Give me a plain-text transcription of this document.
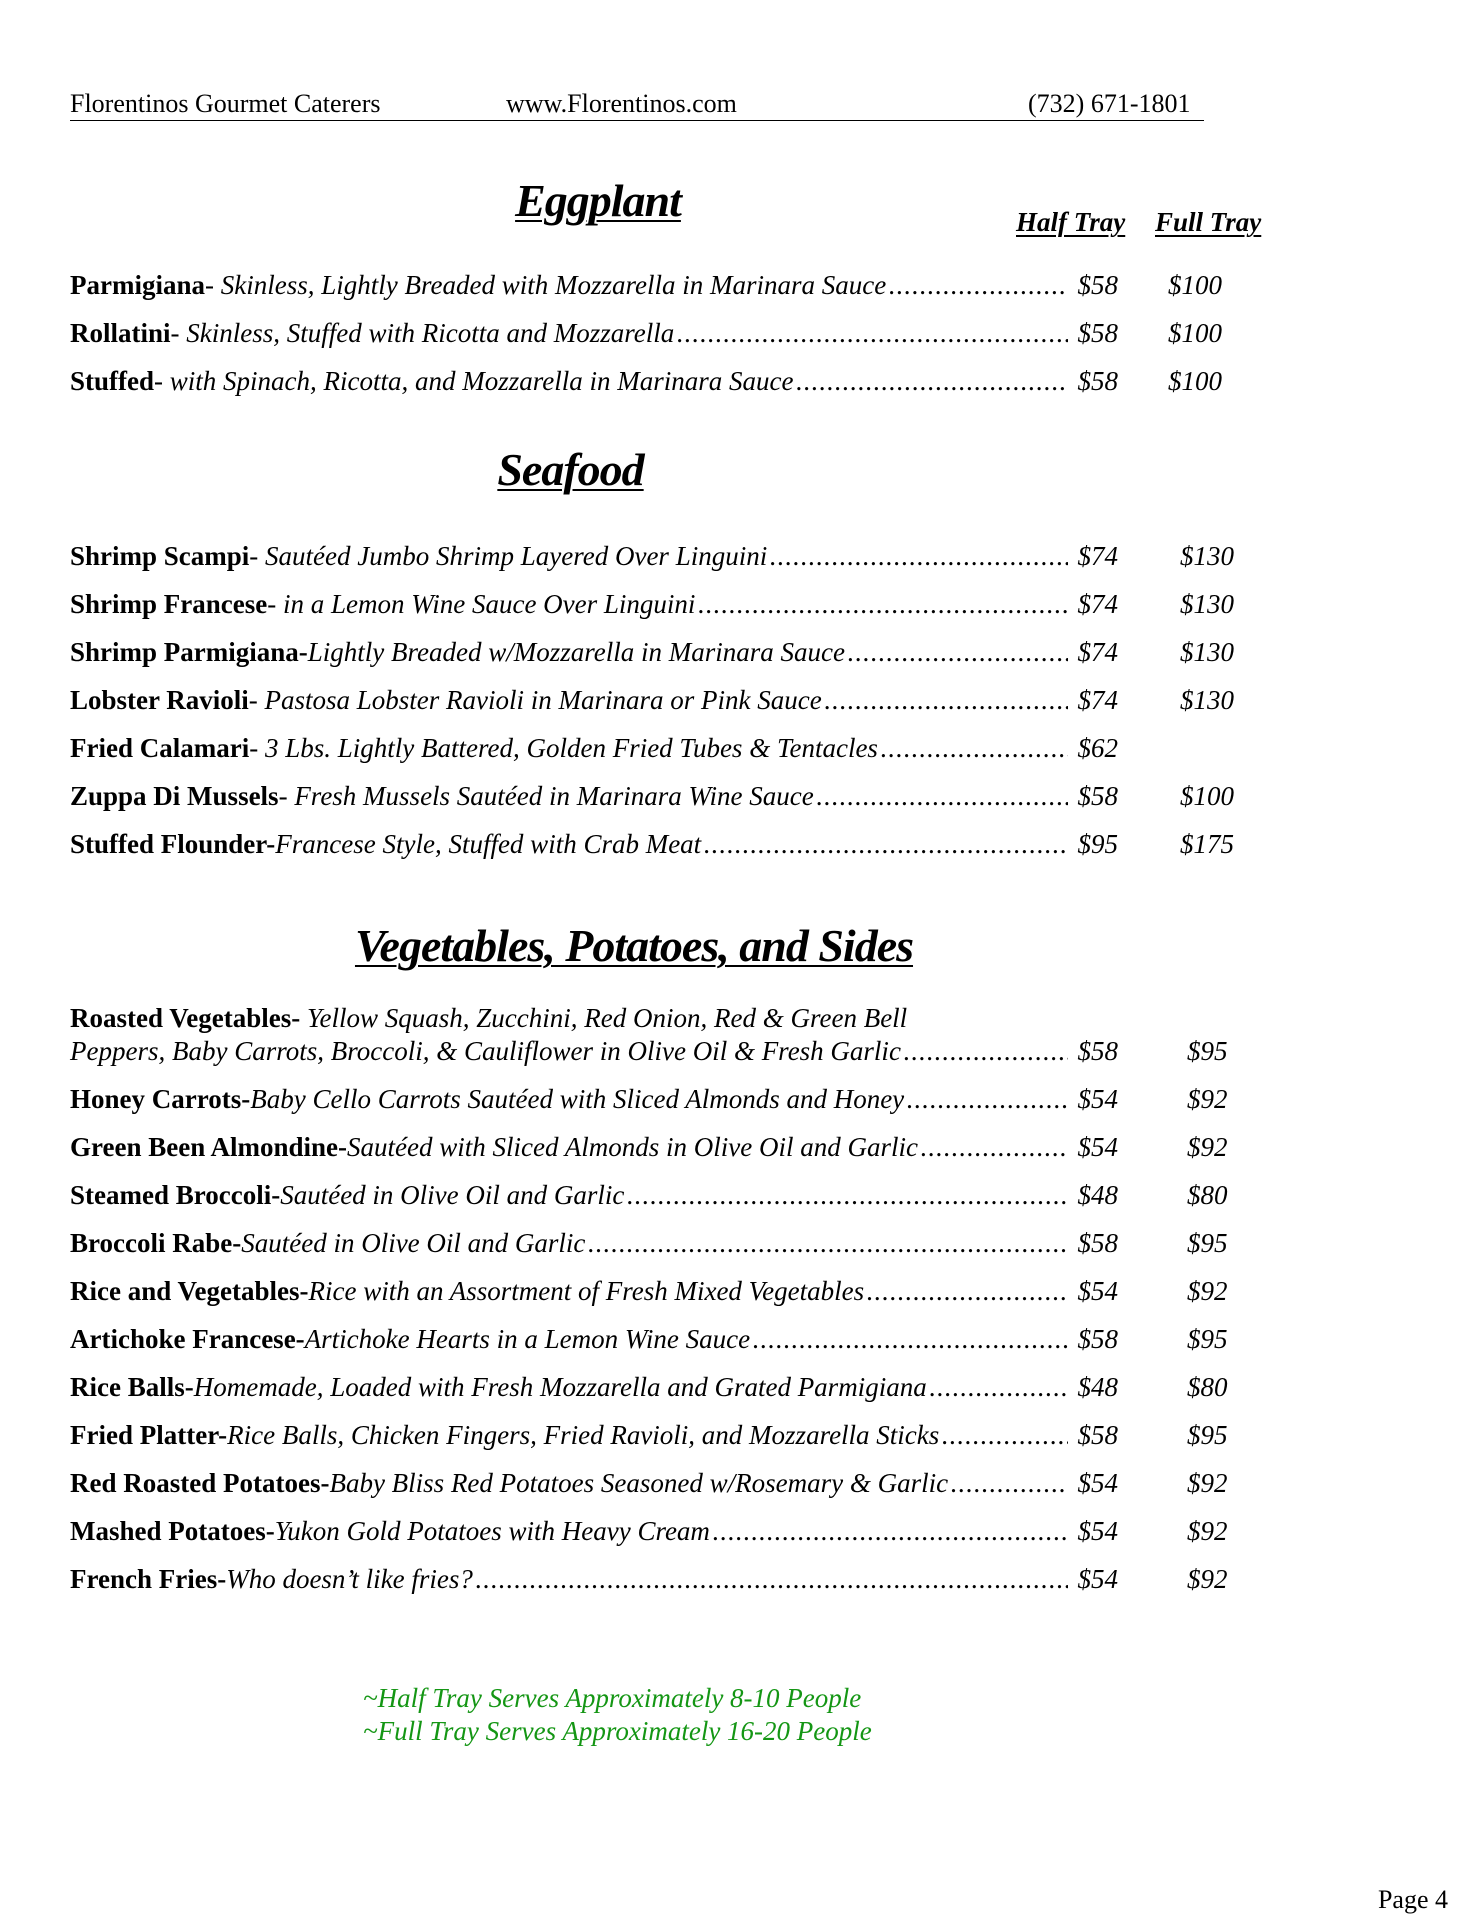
Florentinos Gourmet Caterers	www.Florentinos.com	(732) 671-1801
Eggplant	Half Tray Full Tray
Parmigiana - Skinless, Lightly Breaded with Mozzarella in Marinara Sauce .....	$58 $100
Rollatini - Skinless, Stuffed with Ricotta and Mozzarella .....	$58 $100
Stuffed - with Spinach, Ricotta, and Mozzarella in Marinara Sauce .....	$58 $100
Seafood
Shrimp Scampi - Sautéed Jumbo Shrimp Layered Over Linguini .....	$74 $130
Shrimp Francese - in a Lemon Wine Sauce Over Linguini .....	$74 $130
Shrimp Parmigiana- Lightly Breaded w/Mozzarella in Marinara Sauce .....	$74 $130
Lobster Ravioli - Pastosa Lobster Ravioli in Marinara or Pink Sauce .....	$74 $130
Fried Calamari - 3 Lbs. Lightly Battered, Golden Fried Tubes & Tentacles .....	$62
Zuppa Di Mussels - Fresh Mussels Sautéed in Marinara Wine Sauce .....	$58 $100
Stuffed Flounder- Francese Style, Stuffed with Crab Meat .....	$95 $175
Vegetables, Potatoes, and Sides
Roasted Vegetables- Yellow Squash, Zucchini, Red Onion, Red & Green Bell
Peppers, Baby Carrots, Broccoli, & Cauliflower in Olive Oil & Fresh Garlic .....	$58	$95
Honey Carrots- Baby Cello Carrots Sautéed with Sliced Almonds and Honey .....	$54	$92
Green Been Almondine- Sautéed with Sliced Almonds in Olive Oil and Garlic .....	$54	$92
Steamed Broccoli- Sautéed in Olive Oil and Garlic .....	$48	$80
Broccoli Rabe- Sautéed in Olive Oil and Garlic .....	$58	$95
Rice and Vegetables- Rice with an Assortment of Fresh Mixed Vegetables .....	$54	$92
Artichoke Francese- Artichoke Hearts in a Lemon Wine Sauce .....	$58	$95
Rice Balls- Homemade, Loaded with Fresh Mozzarella and Grated Parmigiana .....	$48	$80
Fried Platter- Rice Balls, Chicken Fingers, Fried Ravioli, and Mozzarella Sticks .....	$58	$95
Red Roasted Potatoes- Baby Bliss Red Potatoes Seasoned w/Rosemary & Garlic .....	$54	$92
Mashed Potatoes- Yukon Gold Potatoes with Heavy Cream .....	$54	$92
French Fries- Who doesn’t like fries? .....	$54	$92
~Half Tray Serves Approximately 8-10 People
~Full Tray Serves Approximately 16-20 People
Page 4
